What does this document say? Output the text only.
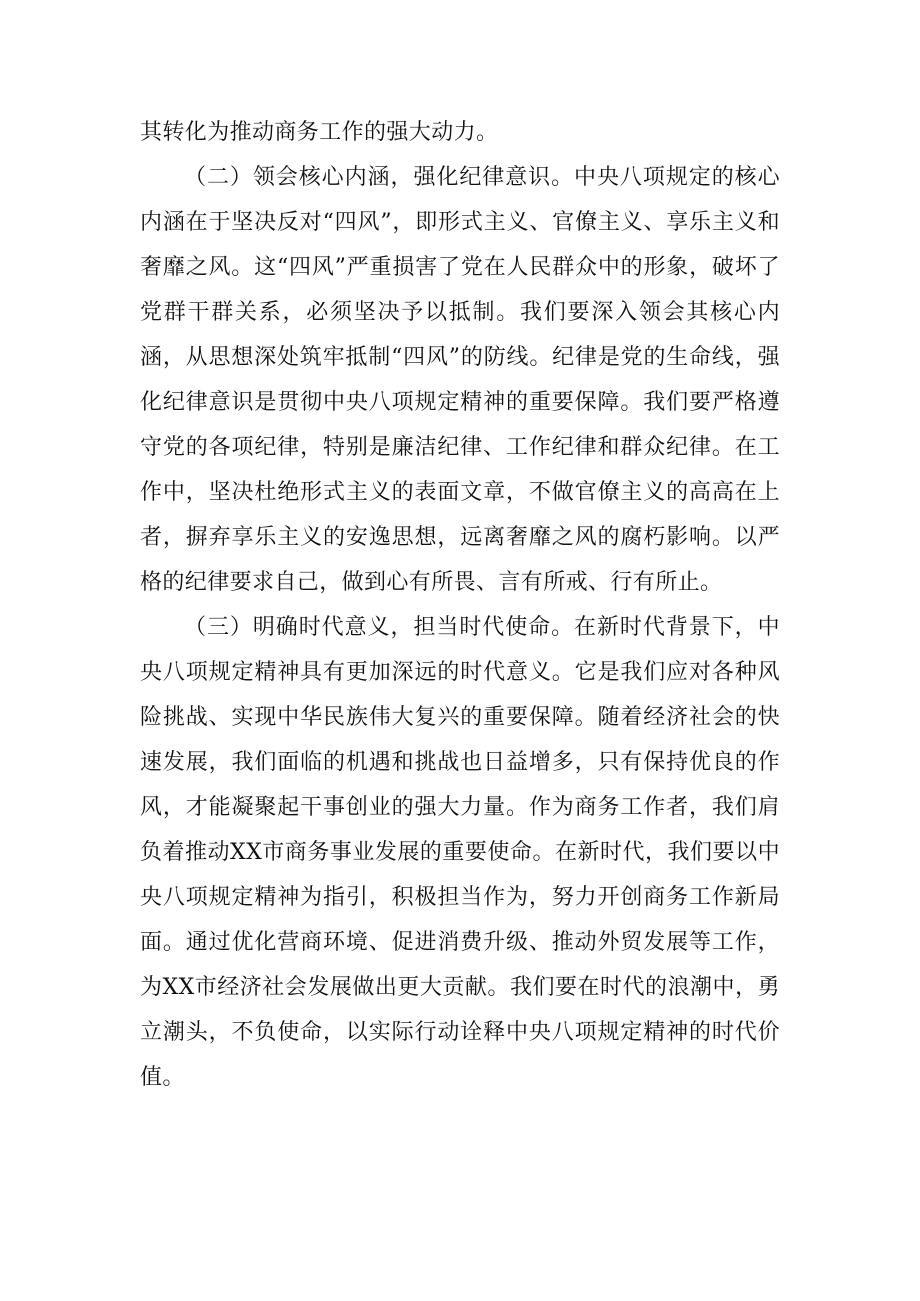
其转化为推动商务工作的强大动力。

（二）领会核心内涵，强化纪律意识。中央八项规定的核心内涵在于坚决反对“四风”，即形式主义、官僚主义、享乐主义和奢靡之风。这“四风”严重损害了党在人民群众中的形象，破坏了党群干群关系，必须坚决予以抵制。我们要深入领会其核心内涵，从思想深处筑牢抵制“四风”的防线。纪律是党的生命线，强化纪律意识是贯彻中央八项规定精神的重要保障。我们要严格遵守党的各项纪律，特别是廉洁纪律、工作纪律和群众纪律。在工作中，坚决杜绝形式主义的表面文章，不做官僚主义的高高在上者，摒弃享乐主义的安逸思想，远离奢靡之风的腐朽影响。以严格的纪律要求自己，做到心有所畏、言有所戒、行有所止。

（三）明确时代意义，担当时代使命。在新时代背景下，中央八项规定精神具有更加深远的时代意义。它是我们应对各种风险挑战、实现中华民族伟大复兴的重要保障。随着经济社会的快速发展，我们面临的机遇和挑战也日益增多，只有保持优良的作风，才能凝聚起干事创业的强大力量。作为商务工作者，我们肩负着推动XX市商务事业发展的重要使命。在新时代，我们要以中央八项规定精神为指引，积极担当作为，努力开创商务工作新局面。通过优化营商环境、促进消费升级、推动外贸发展等工作，为XX市经济社会发展做出更大贡献。我们要在时代的浪潮中，勇立潮头，不负使命，以实际行动诠释中央八项规定精神的时代价值。
